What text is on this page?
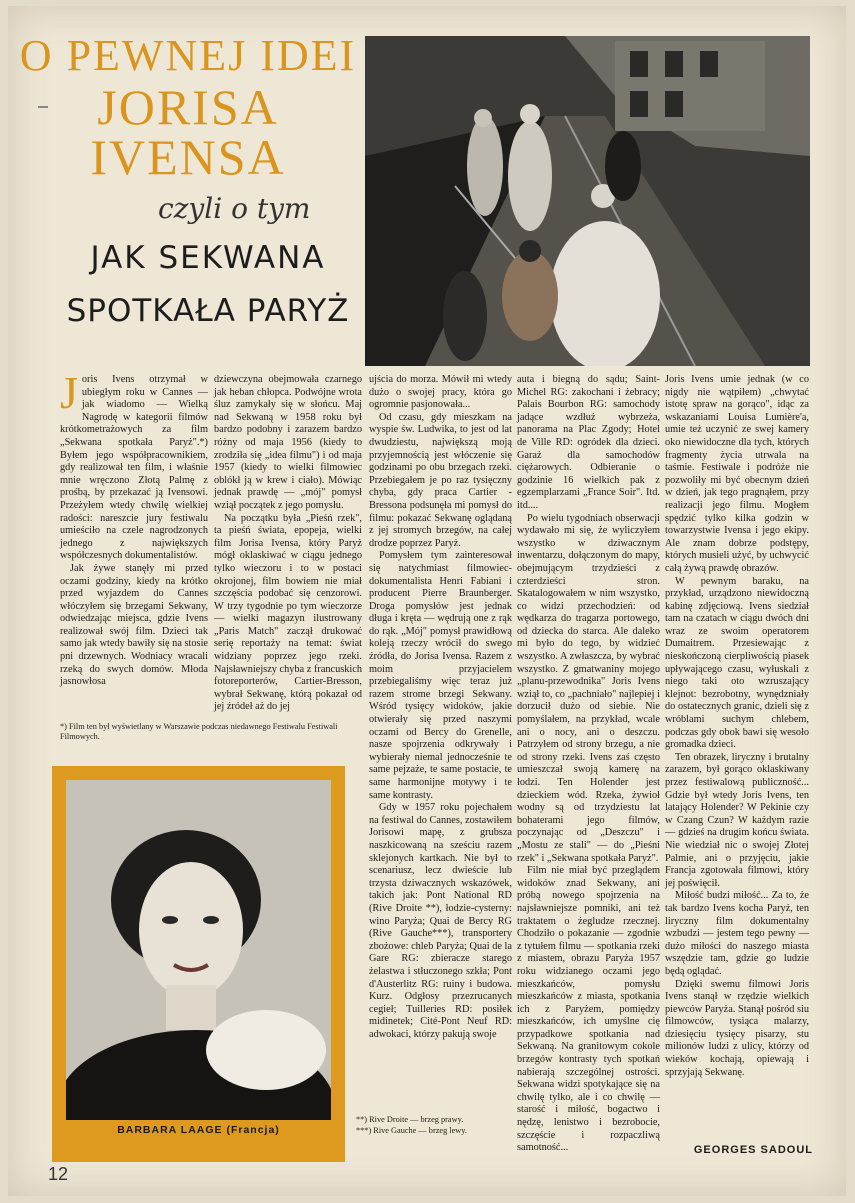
O PEWNEJ IDEI
JORISA
IVENSA
czyli o tym
JAK SEKWANA
SPOTKAŁA PARYŻ

Joris Ivens otrzymał w ubiegłym roku w Cannes — jak wiadomo — Wielką Nagrodę w kategorii filmów krótkometrażowych za film „Sekwana spotkała Paryż".*) Byłem jego współpracownikiem, gdy realizował ten film, i właśnie mnie wręczono Złotą Palmę z prośbą, by przekazać ją Ivensowi. Przeżyłem wtedy chwilę wielkiej radości: nareszcie jury festiwalu umieściło na czele nagrodzonych jednego z największych współczesnych dokumentalistów.

Jak żywe stanęły mi przed oczami godziny, kiedy na krótko przed wyjazdem do Cannes włóczyłem się brzegami Sekwany, odwiedzając miejsca, gdzie Ivens realizował swój film. Dzieci tak samo jak wtedy bawiły się na stosie pni drzewnych. Wodniacy wracali rzeką do swych domów. Młoda jasnowłosa

*) Film ten był wyświetlany w Warszawie podczas niedawnego Festiwalu Festiwali Filmowych.

dziewczyna obejmowała czarnego jak heban chłopca. Podwójne wrota śluz zamykały się w słońcu. Maj nad Sekwaną w 1958 roku był bardzo podobny i zarazem bardzo różny od maja 1956 (kiedy to zrodziła się „idea filmu") i od maja 1957 (kiedy to wielki filmowiec oblókł ją w krew i ciało). Mówiąc jednak prawdę — „mój" pomysł wziął początek z jego pomysłu.

Na początku była „Pieśń rzek", ta pieśń świata, epopeja, wielki film Jorisa Ivensa, który Paryż mógł oklaskiwać w ciągu jednego tylko wieczoru i to w postaci okrojonej, film bowiem nie miał szczęścia podobać się cenzorowi. W trzy tygodnie po tym wieczorze — wielki magazyn ilustrowany „Paris Match" zaczął drukować serię reportaży na temat: świat widziany poprzez jego rzeki. Najsławniejszy chyba z francuskich fotoreporterów, Cartier-Bresson, wybrał Sekwanę, którą pokazał od jej źródeł aż do jej

ujścia do morza. Mówił mi wtedy dużo o swojej pracy, która go ogromnie pasjonowała...

Od czasu, gdy mieszkam na wyspie św. Ludwika, to jest od lat dwudziestu, największą moją przyjemnością jest włóczenie się godzinami po obu brzegach rzeki. Przebiegałem je po raz tysięczny chyba, gdy praca Cartier - Bressona podsunęła mi pomysł do filmu: pokazać Sekwanę oglądaną z jej stromych brzegów, na całej drodze poprzez Paryż.

Pomysłem tym zainteresował się natychmiast filmowiec-dokumentalista Henri Fabiani i producent Pierre Braunberger. Droga pomysłów jest jednak długa i kręta — wędrują one z rąk do rąk. „Mój" pomysł prawidłową koleją rzeczy wrócił do swego źródła, do Jorisa Ivensa. Razem z moim przyjacielem przebiegaliśmy więc teraz już razem strome brzegi Sekwany. Wśród tysięcy widoków, jakie otwierały się przed naszymi oczami od Bercy do Grenelle, nasze spojrzenia odkrywały i wybierały niemal jednocześnie te same pejzaże, te same postacie, te same harmonijne motywy i te same kontrasty.

Gdy w 1957 roku pojechałem na festiwal do Cannes, zostawiłem Jorisowi mapę, z grubsza naszkicowaną na sześciu razem sklejonych kartkach. Nie był to scenariusz, lecz dwieście lub trzysta dziwacznych wskazówek, takich jak: Pont National RD (Rive Droite **), łodzie-cysterny: wino Paryża; Quai de Bercy RG (Rive Gauche***), transportery zbożowe: chleb Paryża; Quai de la Gare RG: zbieracze starego żelastwa i stłuczonego szkła; Pont d'Austerlitz RG: ruiny i budowa. Kurz. Odgłosy przezrucanych cegieł; Tuilleries RD: posiłek midinetek; Cité-Pont Neuf RD: adwokaci, którzy pakują swoje

auta i biegną do sądu; Saint-Michel RG: zakochani i żebracy; Palais Bourbon RG: samochody jadące wzdłuż wybrzeża, panorama na Plac Zgody; Hotel de Ville RD: ogródek dla dzieci. Garaż dla samochodów ciężarowych. Odbieranie o godzinie 16 wielkich pak z egzemplarzami „France Soir". Itd. itd....

Po wielu tygodniach obserwacji wydawało mi się, że wyliczyłem wszystko w dziwacznym inwentarzu, dołączonym do mapy, obejmującym trzydzieści z czterdzieści stron. Skatalogowałem w nim wszystko, co widzi przechodzień: od wędkarza do tragarza portowego, od dziecka do starca. Ale daleko mi było do tego, by widzieć wszystko. A zwłaszcza, by wybrać wszystko. Z gmatwaniny mojego „planu-przewodnika" Joris Ivens wziął to, co „pachniało" najlepiej i dorzucił dużo od siebie. Nie pomyślałem, na przykład, wcale ani o nocy, ani o deszczu. Patrzyłem od strony brzegu, a nie od strony rzeki. Ivens zaś często umieszczał swoją kamerę na łodzi. Ten Holender jest dzieckiem wód. Rzeka, żywioł wodny są od trzydziestu lat bohaterami jego filmów, poczynając od „Deszczu" i „Mostu ze stali" — do „Pieśni rzek" i „Sekwana spotkała Paryż".

Film nie miał być przeglądem widoków znad Sekwany, ani próbą nowego spojrzenia na najsławniejsze pomniki, ani też traktatem o żegludze rzecznej. Chodziło o pokazanie — zgodnie z tytułem filmu — spotkania rzeki z miastem, obrazu Paryża 1957 roku widzianego oczami jego mieszkańców, pomysłu mieszkańców z miasta, spotkania ich z Paryżem, pomiędzy mieszkańców, ich umyślne cię przypadkowe spotkania nad Sekwaną. Na granitowym cokole brzegów kontrasty tych spotkań nabierają szczególnej ostrości. Sekwana widzi spotykające się na chwilę tylko, ale i co chwilę — starość i miłość, bogactwo i nędzę, lenistwo i bezrobocie, szczęście i rozpaczliwą samotność...

Joris Ivens umie jednak (w co nigdy nie wątpiłem) „chwytać istotę spraw na gorąco", idąc za wskazaniami Louisa Lumière'a, umie też uczynić ze swej kamery oko niewidoczne dla tych, których fragmenty życia utrwala na taśmie. Festiwale i podróże nie pozwoliły mi być obecnym dzień w dzień, jak tego pragnąłem, przy realizacji jego filmu. Mogłem spędzić tylko kilka godzin w towarzystwie Ivensa i jego ekipy. Ale znam dobrze podstępy, których musieli użyć, by uchwycić całą żywą prawdę obrazów.

W pewnym baraku, na przykład, urządzono niewidoczną kabinę zdjęciową. Ivens siedział tam na czatach w ciągu dwóch dni wraz ze swoim operatorem Dumaitrem. Przesiewając z nieskończoną cierpliwością piasek upływającego czasu, wyłuskali z niego taki oto wzruszający klejnot: bezrobotny, wynędzniały do ostatecznych granic, dzieli się z wróblami suchym chlebem, podczas gdy obok bawi się wesoło gromadka dzieci.

Ten obrazek, liryczny i brutalny zarazem, był gorąco oklaskiwany przez festiwalową publiczność... Gdzie był wtedy Joris Ivens, ten latający Holender? W Pekinie czy w Czang Czun? W każdym razie — gdzieś na drugim końcu świata. Nie wiedział nic o swojej Złotej Palmie, ani o przyjęciu, jakie Francja zgotowała filmowi, który jej poświęcił.

Miłość budzi miłość... Za to, że tak bardzo Ivens kocha Paryż, ten liryczny film dokumentalny wzbudzi — jestem tego pewny — dużo miłości do naszego miasta wszędzie tam, gdzie go ludzie będą oglądać.

Dzięki swemu filmowi Joris Ivens stanął w rzędzie wielkich piewców Paryża. Stanął pośród siu filmowców, tysiąca malarzy, dziesięciu tysięcy pisarzy, stu milionów ludzi z ulicy, którzy od wieków kochają, opiewają i sprzyjają Sekwanę.

BARBARA LAAGE (Francja)
**) Rive Droite — brzeg prawy.
***) Rive Gauche — brzeg lewy.
GEORGES SADOUL
12
